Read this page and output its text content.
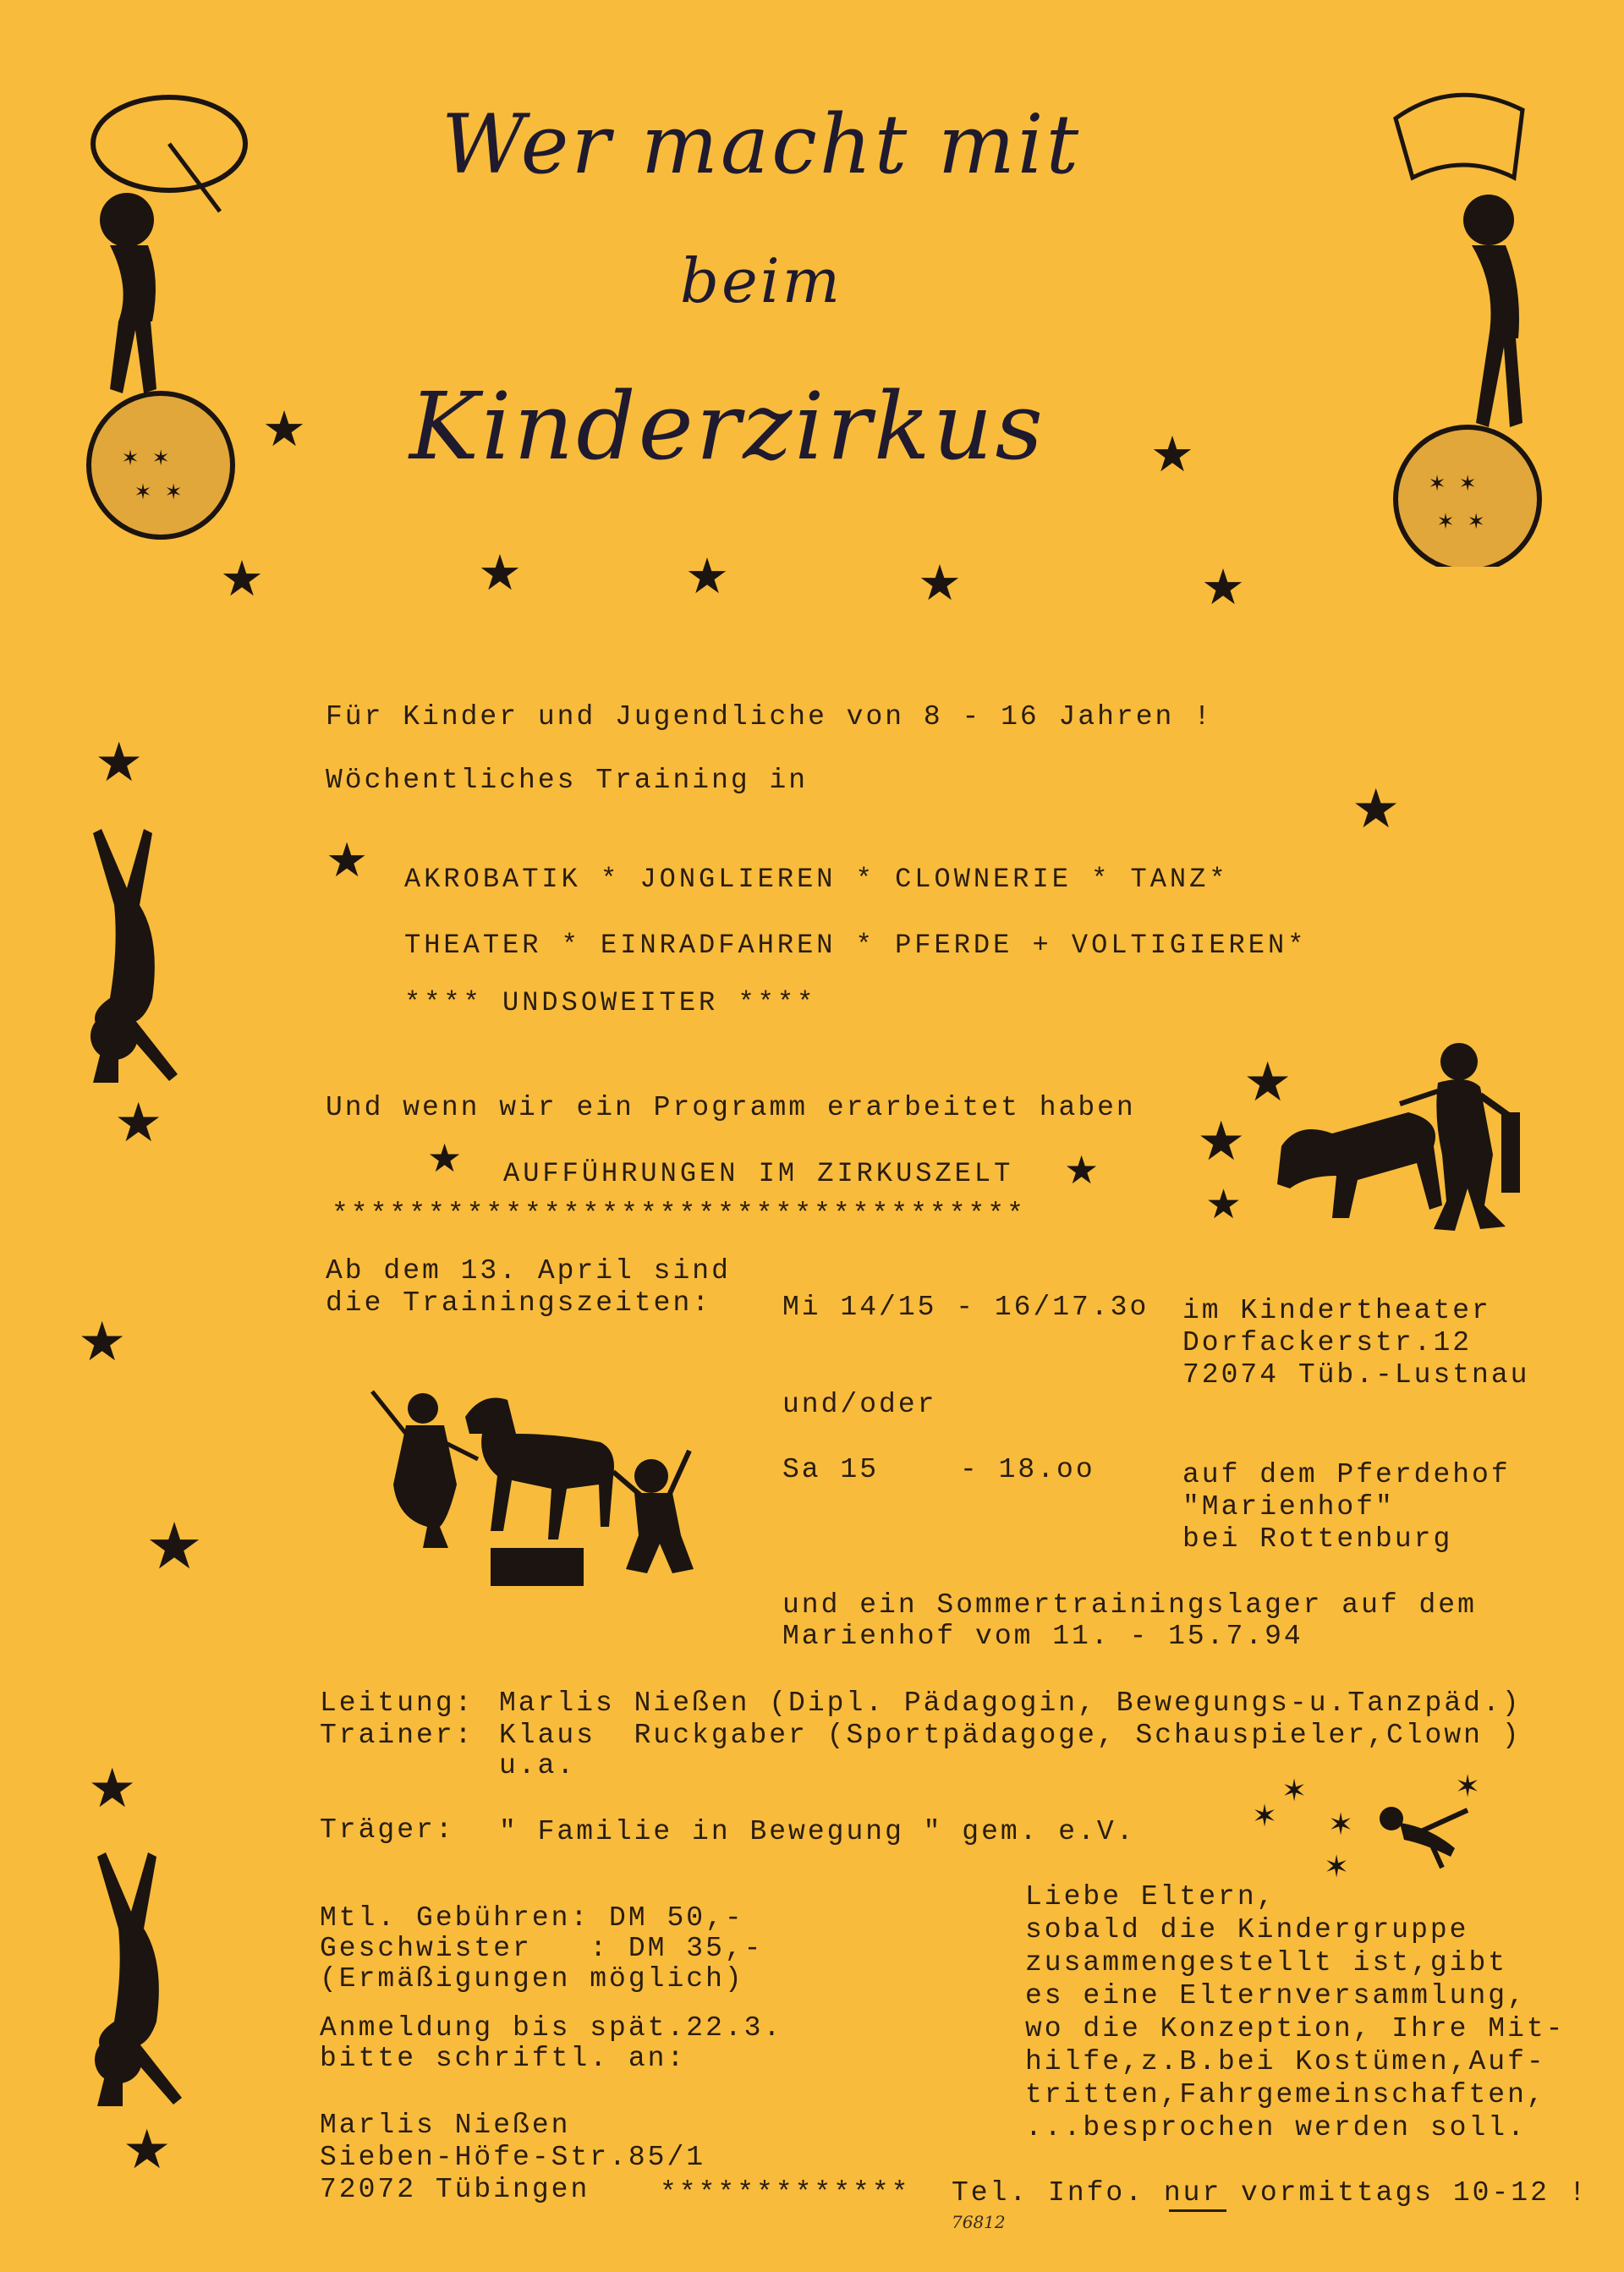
Wer macht mit
beim
Kinderzirkus
★	★
★	★	★	★	★
✶ ✶
✶ ✶	✶ ✶
✶ ✶
Für Kinder und Jugendliche von 8 - 16 Jahren !
Wöchentliches Training in
★ AKROBATIK * JONGLIEREN * CLOWNERIE * TANZ*
THEATER * EINRADFAHREN * PFERDE + VOLTIGIEREN*
**** UNDSOWEITER ****
★
★
★
Und wenn wir ein Programm erarbeitet haben
★ AUFFÜHRUNGEN IM ZIRKUSZELT ★
************************************
★
★
★
Ab dem 13. April sind
die Trainingszeiten:	Mi 14/15 - 16/17.3o im Kindertheater
Dorfackerstr.12
72074 Tüb.-Lustnau
und/oder
Sa 15	- 18.oo	auf dem Pferdehof
"Marienhof"
bei Rottenburg
und ein Sommertrainingslager auf dem
Marienhof vom 11. - 15.7.94
★
★
Leitung: Marlis Nießen (Dipl. Pädagogin, Bewegungs-u.Tanzpäd.)
Trainer: Klaus  Ruckgaber (Sportpädagoge, Schauspieler,Clown )
u.a.
Träger: " Familie in Bewegung " gem. e.V.	✶
✶
✶
✶
✶
★
★
Mtl. Gebühren: DM 50,-
Geschwister   : DM 35,-
(Ermäßigungen möglich)
Anmeldung bis spät.22.3.
bitte schriftl. an:
Marlis Nießen
Sieben-Höfe-Str.85/1
72072 Tübingen	************* Tel. Info. nur vormittags 10-12 !
76812
Liebe Eltern,
sobald die Kindergruppe
zusammengestellt ist,gibt
es eine Elternversammlung,
wo die Konzeption, Ihre Mit-
hilfe,z.B.bei Kostümen,Auf-
tritten,Fahrgemeinschaften,
...besprochen werden soll.
